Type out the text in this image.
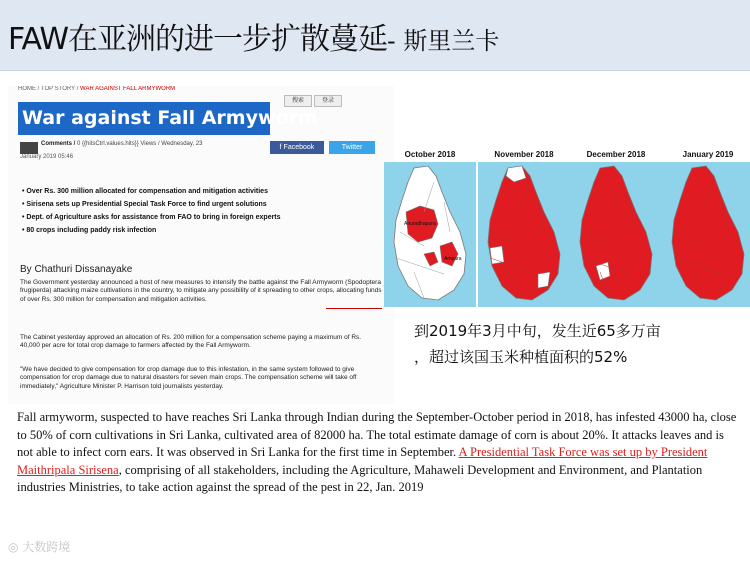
FAW在亚洲的进一步扩散蔓延- 斯里兰卡
HOME / TOP STORY / WAR AGAINST FALL ARMYWORM
搜索	登录
War against Fall Armyworm
Comments / 0 {{hitsCtrl.values.hits}} Views / Wednesday, 23
January 2019 05:46
f Facebook	Twitter
• Over Rs. 300 million allocated for compensation and mitigation activities
• Sirisena sets up Presidential Special Task Force to find urgent solutions
• Dept. of Agriculture asks for assistance from FAO to bring in foreign experts
• 80 crops including paddy risk infection
By Chathuri Dissanayake

The Government yesterday announced a host of new measures to intensify the battle against the Fall Armyworm (Spodoptera frugiperda) attacking maize cultivations in the country, to mitigate any possibility of it spreading to other crops, allocating funds of over Rs. 300 million for compensation and mitigation activities.

The Cabinet yesterday approved an allocation of Rs. 200 million for a compensation scheme paying a maximum of Rs. 40,000 per acre for total crop damage to farmers affected by the Fall Armyworm.

"We have decided to give compensation for crop damage due to this infestation, in the same system followed to give compensation for crop damage due to natural disasters for seven main crops. The compensation scheme will take off immediately," Agriculture Minister P. Harrison told journalists yesterday.

October 2018
Anuradhapura
Ampara
November 2018	December 2018	January 2019
到2019年3月中旬，发生近65多万亩
，超过该国玉米种植面积的52%

Fall armyworm, suspected to have reaches Sri Lanka through Indian during the September-October period in 2018, has infested 43000 ha, close to 50% of corn cultivations in Sri Lanka, cultivated area of 82000 ha. The total estimate damage of corn is about 20%. It attacks leaves and is not able to infect corn ears. It was observed in Sri Lanka for the first time in September. A Presidential Task Force was set up by President Maithripala Sirisena, comprising of all stakeholders, including the Agriculture, Mahaweli Development and Environment, and Plantation industries Ministries, to take action against the spread of the pest in 22, Jan. 2019

◎ 大数跨境
